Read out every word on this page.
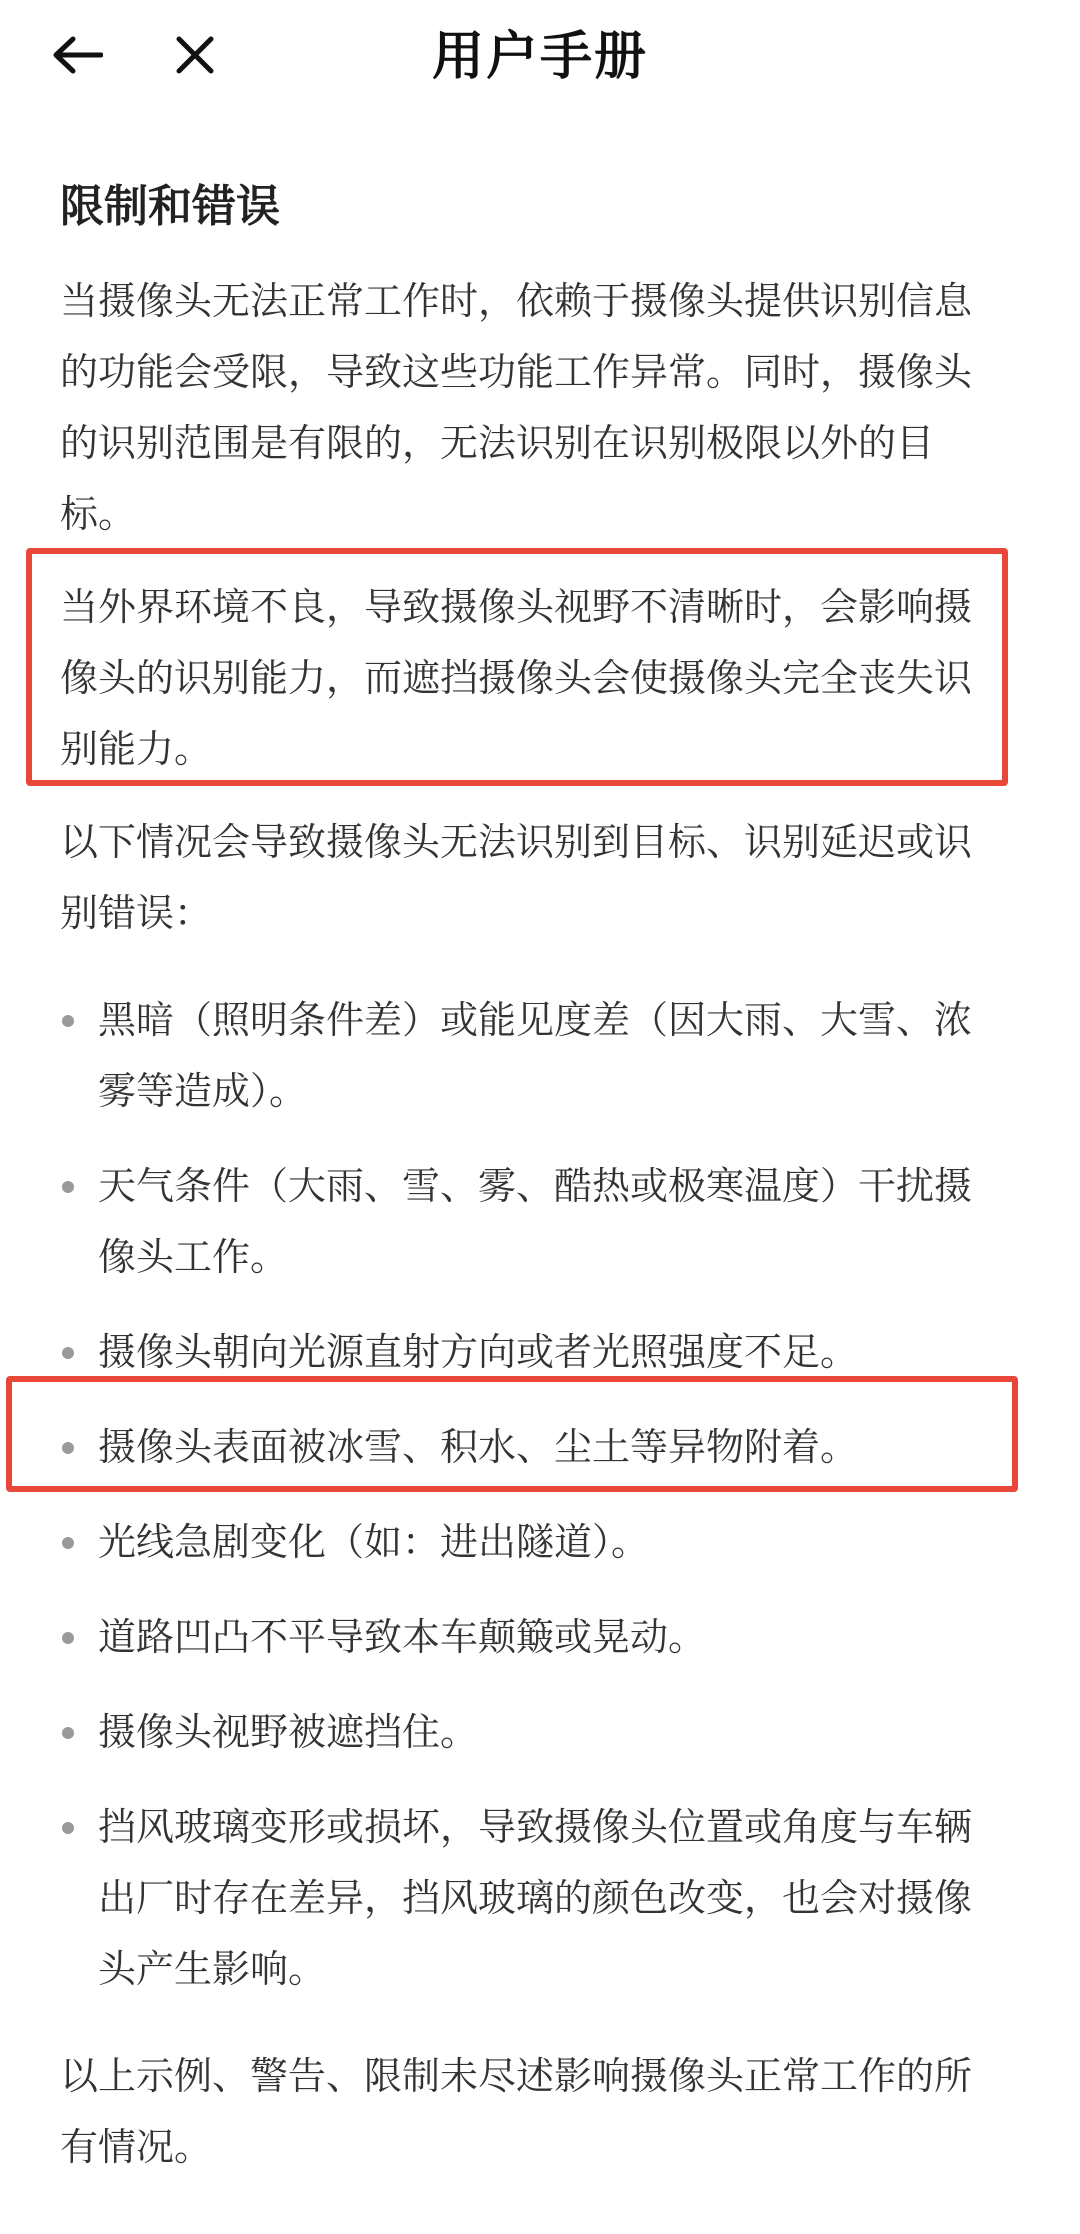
用户手册
限制和错误

当摄像头无法正常工作时，依赖于摄像头提供识别信息的功能会受限，导致这些功能工作异常。同时，摄像头的识别范围是有限的，无法识别在识别极限以外的目标。

当外界环境不良，导致摄像头视野不清晰时，会影响摄像头的识别能力，而遮挡摄像头会使摄像头完全丧失识别能力。

以下情况会导致摄像头无法识别到目标、识别延迟或识别错误：

黑暗（照明条件差）或能见度差（因大雨、大雪、浓雾等造成）。
天气条件（大雨、雪、雾、酷热或极寒温度）干扰摄像头工作。
摄像头朝向光源直射方向或者光照强度不足。
摄像头表面被冰雪、积水、尘土等异物附着。
光线急剧变化（如：进出隧道）。
道路凹凸不平导致本车颠簸或晃动。
摄像头视野被遮挡住。
挡风玻璃变形或损坏，导致摄像头位置或角度与车辆出厂时存在差异，挡风玻璃的颜色改变，也会对摄像头产生影响。

以上示例、警告、限制未尽述影响摄像头正常工作的所有情况。
